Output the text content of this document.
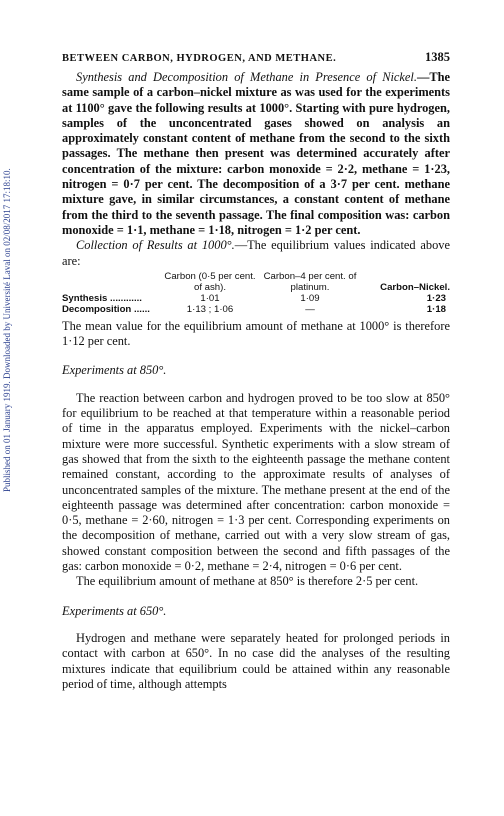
Published on 01 January 1919. Downloaded by Université Laval on 02/08/2017 17:18:10.
BETWEEN CARBON, HYDROGEN, AND METHANE.	1385

Synthesis and Decomposition of Methane in Presence of Nickel.—The same sample of a carbon–nickel mixture as was used for the experiments at 1100° gave the following results at 1000°. Starting with pure hydrogen, samples of the unconcentrated gases showed on analysis an approximately constant content of methane from the second to the sixth passages. The methane then present was determined accurately after concentration of the mixture: carbon monoxide = 2·2, methane = 1·23, nitrogen = 0·7 per cent. The decomposition of a 3·7 per cent. methane mixture gave, in similar circumstances, a constant content of methane from the third to the seventh passage. The final composition was: carbon monoxide = 1·1, methane = 1·18, nitrogen = 1·2 per cent.

Collection of Results at 1000°.—The equilibrium values indicated above are:

	Carbon (0·5 per cent. of ash).	Carbon–4 per cent. of platinum.	Carbon–Nickel.
Synthesis ............	1·01	1·09	1·23
Decomposition ......	1·13 ; 1·06	—	1·18

The mean value for the equilibrium amount of methane at 1000° is therefore 1·12 per cent.

Experiments at 850°.

The reaction between carbon and hydrogen proved to be too slow at 850° for equilibrium to be reached at that temperature within a reasonable period of time in the apparatus employed. Experiments with the nickel–carbon mixture were more successful. Synthetic experiments with a slow stream of gas showed that from the sixth to the eighteenth passage the methane content remained constant, according to the approximate results of analyses of unconcentrated samples of the mixture. The methane present at the end of the eighteenth passage was determined after concentration: carbon monoxide = 0·5, methane = 2·60, nitrogen = 1·3 per cent. Corresponding experiments on the decomposition of methane, carried out with a very slow stream of gas, showed constant composition between the second and fifth passages of the gas: carbon monoxide = 0·2, methane = 2·4, nitrogen = 0·6 per cent.

The equilibrium amount of methane at 850° is therefore 2·5 per cent.

Experiments at 650°.

Hydrogen and methane were separately heated for prolonged periods in contact with carbon at 650°. In no case did the analyses of the resulting mixtures indicate that equilibrium could be attained within any reasonable period of time, although attempts
